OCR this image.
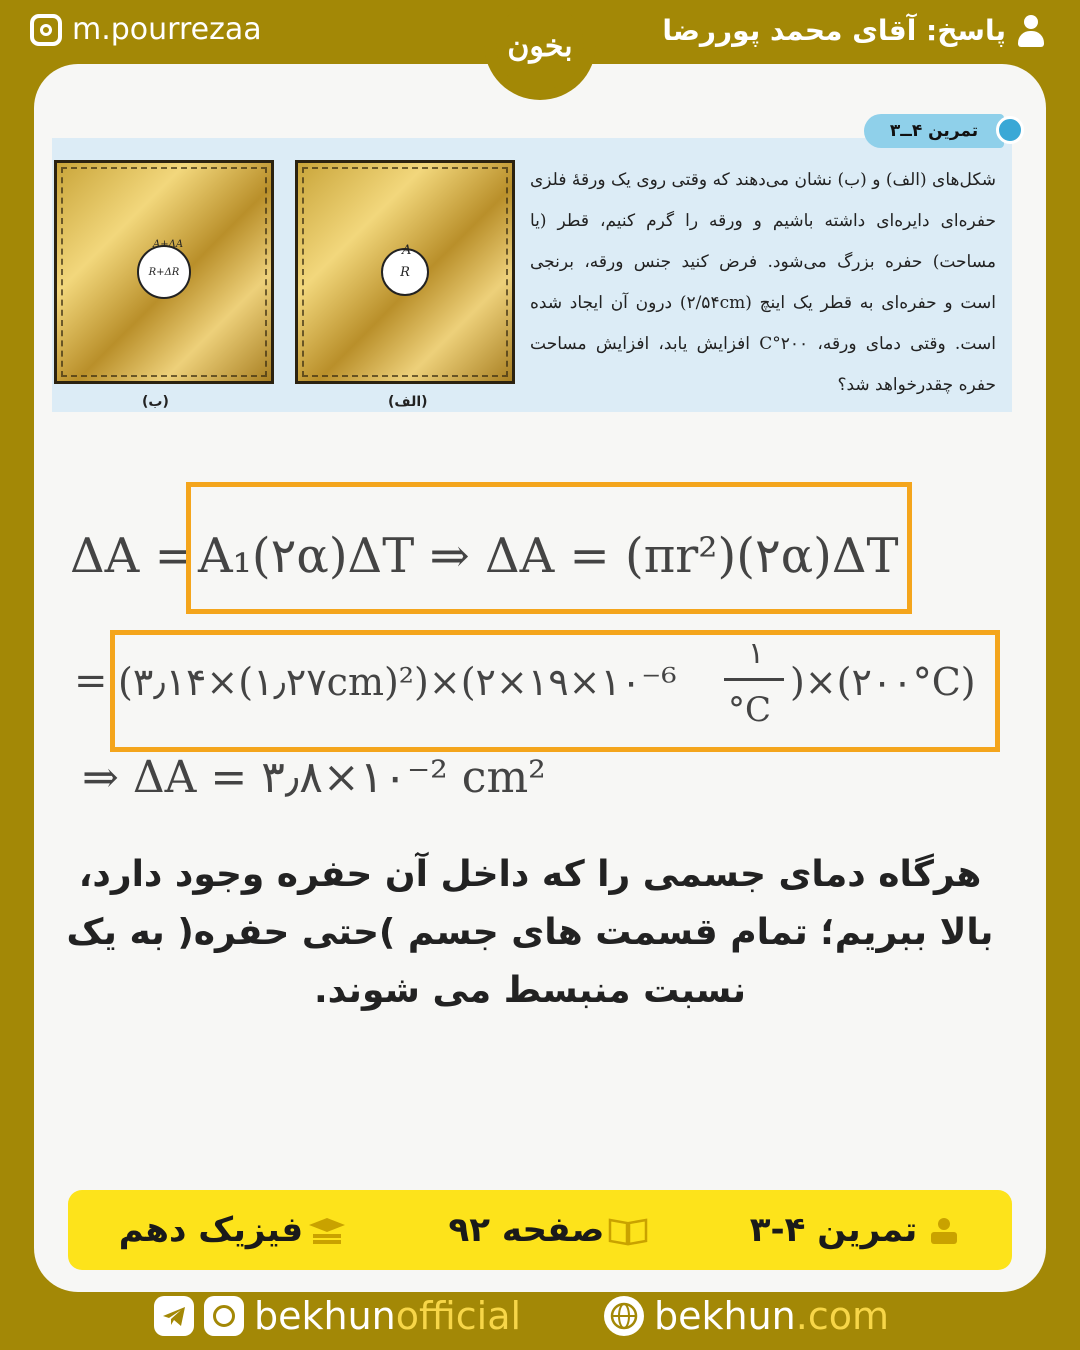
m.pourrezaa	پاسخ: آقای محمد پوررضا
بخون
تمرین ۴ــ۳
شکل‌های (الف) و (ب) نشان می‌دهند که وقتی روی یک ورقهٔ فلزی حفره‌ای دایره‌ای داشته باشیم و ورقه را گرم کنیم، قطر (یا مساحت) حفره بزرگ می‌شود. فرض کنید جنس ورقه، برنجی است و حفره‌ای به قطر یک اینچ (۲/۵۴cm) درون آن ایجاد شده است. وقتی دمای ورقه، ۲۰۰°C افزایش یابد، افزایش مساحت حفره چقدرخواهد شد؟
R
A
(الف)
R+ΔR
A+ΔA
(ب)
ΔA = A₁(۲α)ΔT ⇒ ΔA = (πr²)(۲α)ΔT
= (۳٫۱۴×(۱٫۲۷cm)²)×(۲×۱۹×۱۰⁻⁶
۱
°C
)×(۲۰۰°C)
⇒ ΔA = ۳٫۸×۱۰⁻² cm²
هرگاه دمای جسمی را که داخل آن حفره وجود دارد، بالا ببریم؛ تمام قسمت های جسم )حتی حفره( به یک نسبت منبسط می شوند.
تمرین ۴-۳
صفحه ۹۲
فیزیک دهم
bekhunofficial	bekhun.com
